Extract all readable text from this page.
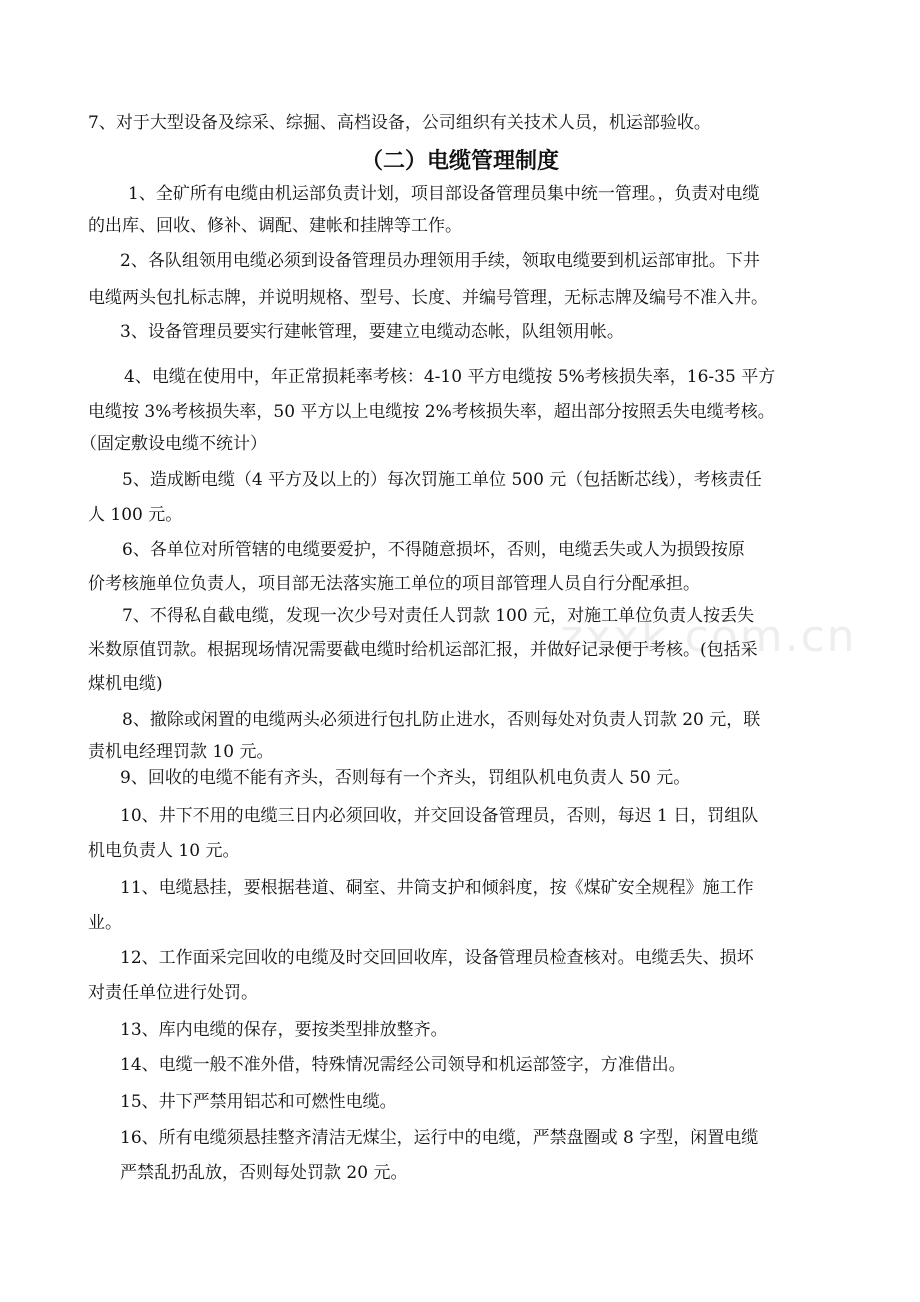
zxxk.com.cn
7、对于大型设备及综采、综掘、高档设备，公司组织有关技术人员，机运部验收。
（二）电缆管理制度
1、全矿所有电缆由机运部负责计划，项目部设备管理员集中统一管理。，负责对电缆
的出库、回收、修补、调配、建帐和挂牌等工作。
2、各队组领用电缆必须到设备管理员办理领用手续，领取电缆要到机运部审批。下井
电缆两头包扎标志牌，并说明规格、型号、长度、并编号管理，无标志牌及编号不准入井。
3、设备管理员要实行建帐管理，要建立电缆动态帐，队组领用帐。
4、电缆在使用中，年正常损耗率考核：4-10 平方电缆按 5%考核损失率，16-35 平方
电缆按 3%考核损失率，50 平方以上电缆按 2%考核损失率，超出部分按照丢失电缆考核。
（固定敷设电缆不统计）
5、造成断电缆（4 平方及以上的）每次罚施工单位 500 元（包括断芯线），考核责任
人 100 元。
6、各单位对所管辖的电缆要爱护，不得随意损坏，否则，电缆丢失或人为损毁按原
价考核施单位负责人，项目部无法落实施工单位的项目部管理人员自行分配承担。
7、不得私自截电缆，发现一次少号对责任人罚款 100 元，对施工单位负责人按丢失
米数原值罚款。根据现场情况需要截电缆时给机运部汇报，并做好记录便于考核。(包括采
煤机电缆)
8、撤除或闲置的电缆两头必须进行包扎防止进水，否则每处对负责人罚款 20 元，联
责机电经理罚款 10 元。
9、回收的电缆不能有齐头，否则每有一个齐头，罚组队机电负责人 50 元。
10、井下不用的电缆三日内必须回收，并交回设备管理员，否则，每迟 1 日，罚组队
机电负责人 10 元。
11、电缆悬挂，要根据巷道、硐室、井筒支护和倾斜度，按《煤矿安全规程》施工作
业。
12、工作面采完回收的电缆及时交回回收库，设备管理员检查核对。电缆丢失、损坏
对责任单位进行处罚。
13、库内电缆的保存，要按类型排放整齐。
14、电缆一般不准外借，特殊情况需经公司领导和机运部签字，方准借出。
15、井下严禁用铝芯和可燃性电缆。
16、所有电缆须悬挂整齐清洁无煤尘，运行中的电缆，严禁盘圈或 8 字型，闲置电缆
严禁乱扔乱放，否则每处罚款 20 元。
